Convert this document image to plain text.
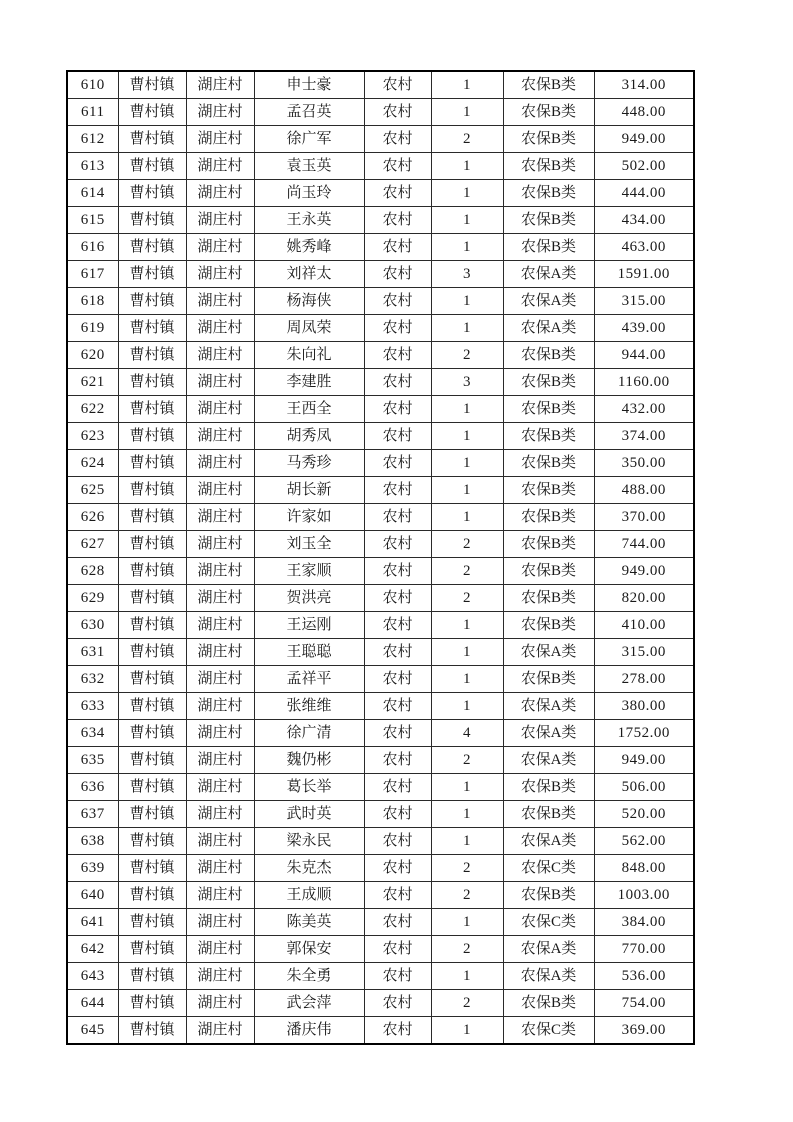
610	曹村镇	湖庄村	申士豪	农村	1	农保B类	314.00
611	曹村镇	湖庄村	孟召英	农村	1	农保B类	448.00
612	曹村镇	湖庄村	徐广军	农村	2	农保B类	949.00
613	曹村镇	湖庄村	袁玉英	农村	1	农保B类	502.00
614	曹村镇	湖庄村	尚玉玲	农村	1	农保B类	444.00
615	曹村镇	湖庄村	王永英	农村	1	农保B类	434.00
616	曹村镇	湖庄村	姚秀峰	农村	1	农保B类	463.00
617	曹村镇	湖庄村	刘祥太	农村	3	农保A类	1591.00
618	曹村镇	湖庄村	杨海侠	农村	1	农保A类	315.00
619	曹村镇	湖庄村	周凤荣	农村	1	农保A类	439.00
620	曹村镇	湖庄村	朱向礼	农村	2	农保B类	944.00
621	曹村镇	湖庄村	李建胜	农村	3	农保B类	1160.00
622	曹村镇	湖庄村	王西全	农村	1	农保B类	432.00
623	曹村镇	湖庄村	胡秀凤	农村	1	农保B类	374.00
624	曹村镇	湖庄村	马秀珍	农村	1	农保B类	350.00
625	曹村镇	湖庄村	胡长新	农村	1	农保B类	488.00
626	曹村镇	湖庄村	许家如	农村	1	农保B类	370.00
627	曹村镇	湖庄村	刘玉全	农村	2	农保B类	744.00
628	曹村镇	湖庄村	王家顺	农村	2	农保B类	949.00
629	曹村镇	湖庄村	贺洪亮	农村	2	农保B类	820.00
630	曹村镇	湖庄村	王运刚	农村	1	农保B类	410.00
631	曹村镇	湖庄村	王聪聪	农村	1	农保A类	315.00
632	曹村镇	湖庄村	孟祥平	农村	1	农保B类	278.00
633	曹村镇	湖庄村	张维维	农村	1	农保A类	380.00
634	曹村镇	湖庄村	徐广清	农村	4	农保A类	1752.00
635	曹村镇	湖庄村	魏仍彬	农村	2	农保A类	949.00
636	曹村镇	湖庄村	葛长举	农村	1	农保B类	506.00
637	曹村镇	湖庄村	武时英	农村	1	农保B类	520.00
638	曹村镇	湖庄村	梁永民	农村	1	农保A类	562.00
639	曹村镇	湖庄村	朱克杰	农村	2	农保C类	848.00
640	曹村镇	湖庄村	王成顺	农村	2	农保B类	1003.00
641	曹村镇	湖庄村	陈美英	农村	1	农保C类	384.00
642	曹村镇	湖庄村	郭保安	农村	2	农保A类	770.00
643	曹村镇	湖庄村	朱全勇	农村	1	农保A类	536.00
644	曹村镇	湖庄村	武会萍	农村	2	农保B类	754.00
645	曹村镇	湖庄村	潘庆伟	农村	1	农保C类	369.00
